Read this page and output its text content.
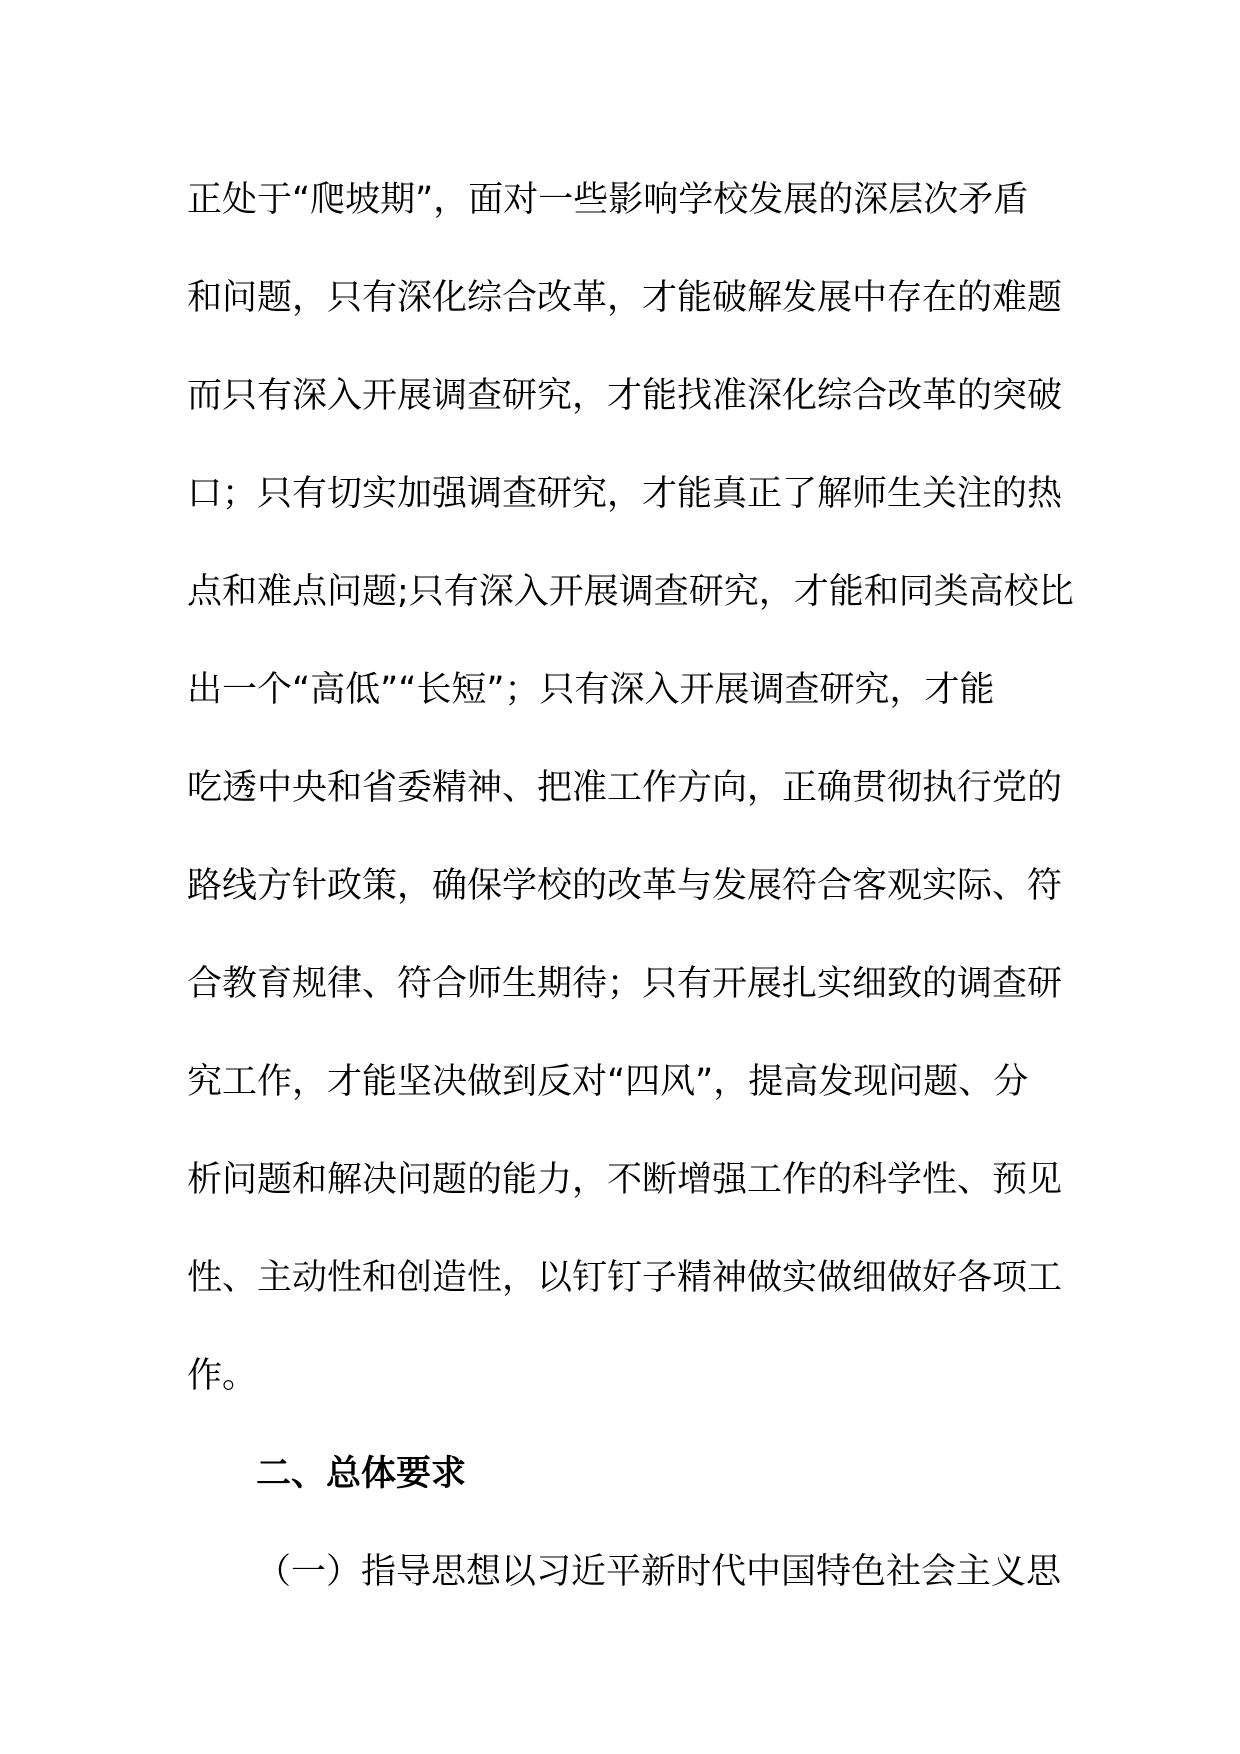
正处于“爬坡期”，面对一些影响学校发展的深层次矛盾
和问题，只有深化综合改革，才能破解发展中存在的难题
而只有深入开展调查研究，才能找准深化综合改革的突破
口；只有切实加强调查研究，才能真正了解师生关注的热
点和难点问题;只有深入开展调查研究，才能和同类高校比
出一个“高低”“长短”；只有深入开展调查研究，才能
吃透中央和省委精神、把准工作方向，正确贯彻执行党的
路线方针政策，确保学校的改革与发展符合客观实际、符
合教育规律、符合师生期待；只有开展扎实细致的调查研
究工作，才能坚决做到反对“四风”，提高发现问题、分
析问题和解决问题的能力，不断增强工作的科学性、预见
性、主动性和创造性，以钉钉子精神做实做细做好各项工
作。
二、总体要求
（一）指导思想以习近平新时代中国特色社会主义思
